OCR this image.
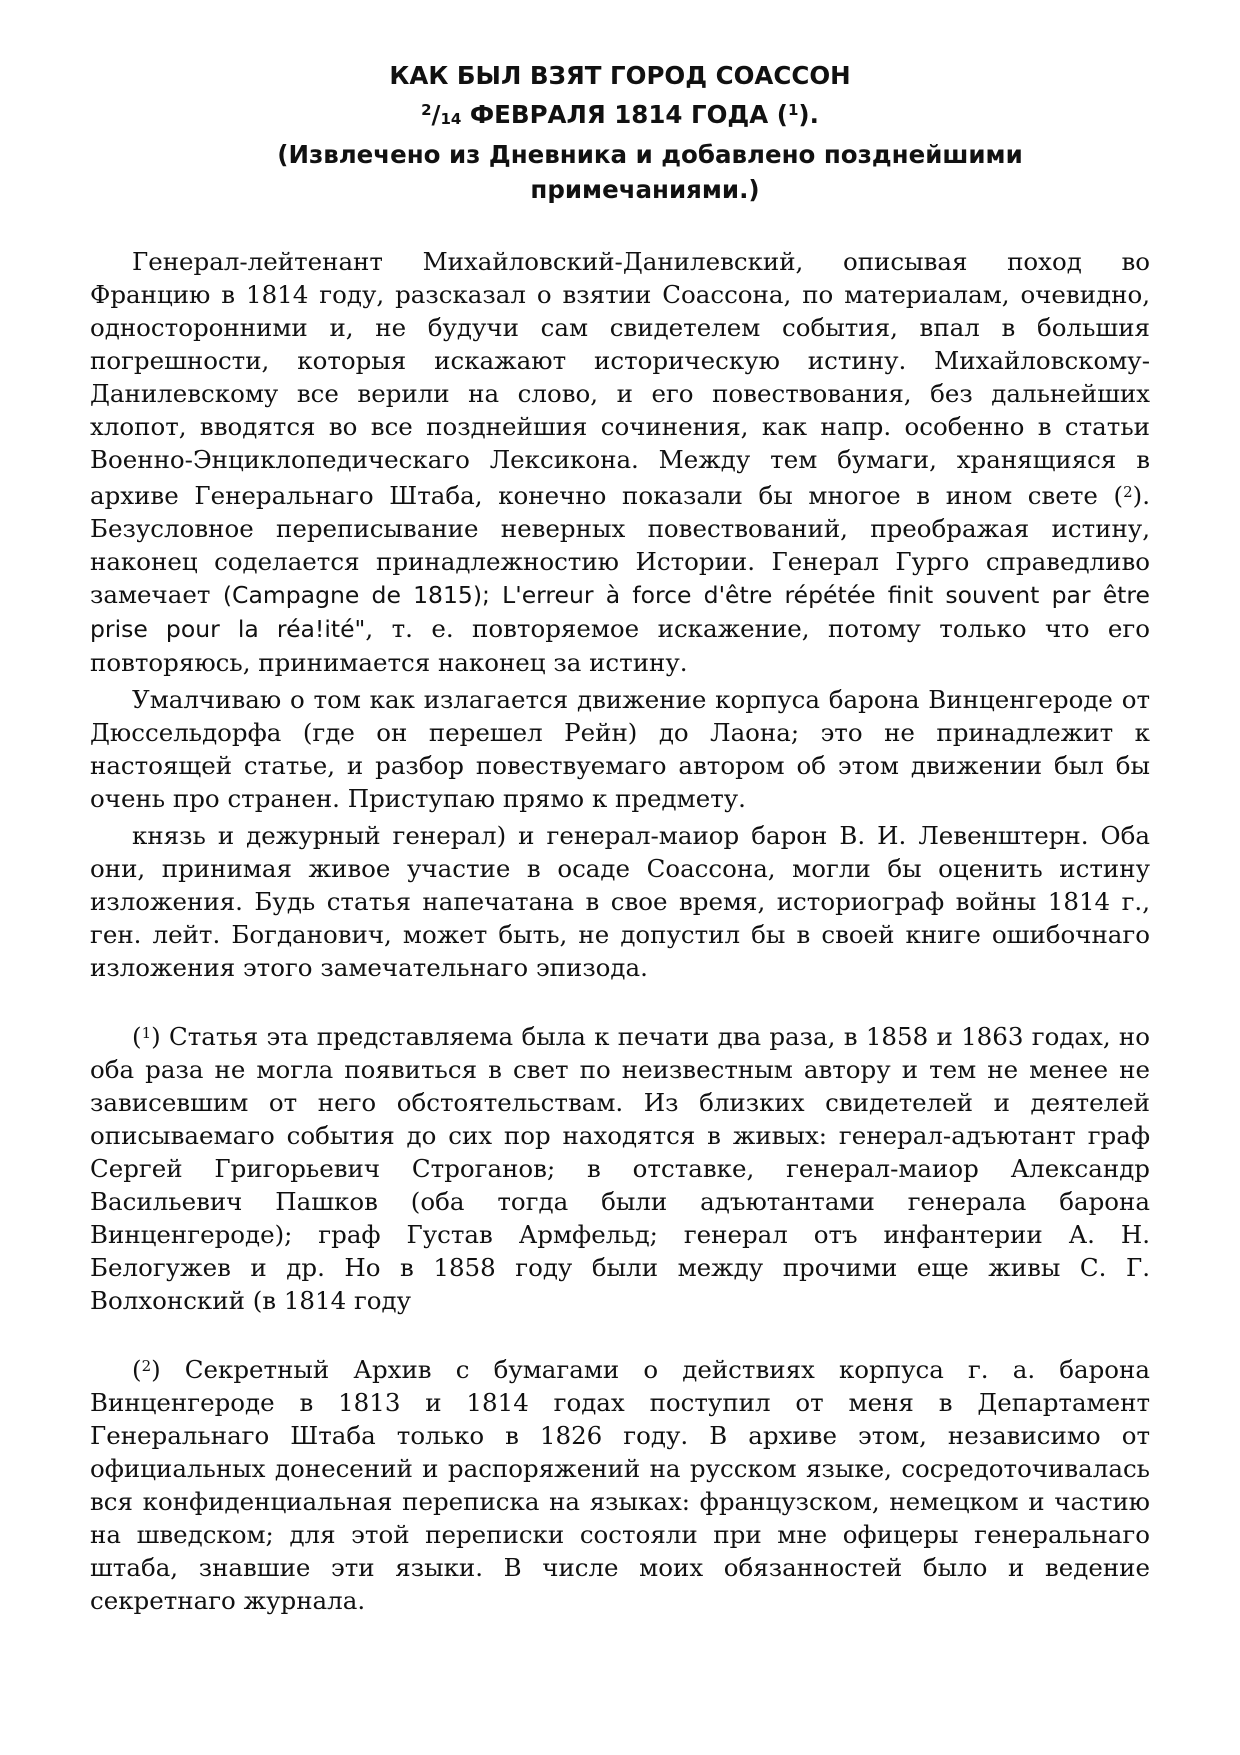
КАК БЫЛ ВЗЯТ ГОРОД СОАССОН
$^2$/14 ФЕВРАЛЯ 1814 ГОДА ($^1$).
(Извлечено из Дневника и добавлено позднейшими
примечаниями.)

Генерал-лейтенант Михайловский-Данилевский, описывая поход во Францию в 1814 году, разсказал о взятии Соассона, по материалам, очевидно, односторонними и, не будучи сам свидетелем события, впал в большия погрешности, которыя искажают историческую истину. Михайловскому-Данилевскому все верили на слово, и его повествования, без дальнейших хлопот, вводятся во все позднейшия сочинения, как напр. особенно в статьи Военно-Энциклопедическаго Лексикона. Между тем бумаги, хранящияся в архиве Генеральнаго Штаба, конечно показали бы многое в ином свете ($^2$). Безусловное переписывание неверных повествований, преображая истину, наконец соделается принадлежностию Истории. Генерал Гурго справедливо замечает (Campagne de 1815); L'erreur à force d'être répétée finit souvent par être prise pour la réa!ité", т. е. повторяемое искажение, потому только что его повторяюсь, принимается наконец за истину.

Умалчиваю о том как излагается движение корпуса барона Винценгероде от Дюссельдорфа (где он перешел Рейн) до Лаона; это не принадлежит к настоящей статье, и разбор повествуемаго автором об этом движении был бы очень про странен. Приступаю прямо к предмету.

князь и дежурный генерал) и генерал-маиор барон В. И. Левенштерн. Оба они, принимая живое участие в осаде Соассона, могли бы оценить истину изложения. Будь статья напечатана в свое время, историограф войны 1814 г., ген. лейт. Богданович, может быть, не допустил бы в своей книге ошибочнаго изложения этого замечательнаго эпизода.

($^1$) Статья эта представляема была к печати два раза, в 1858 и 1863 годах, но оба раза не могла появиться в свет по неизвестным автору и тем не менее не зависевшим от него обстоятельствам. Из близких свидетелей и деятелей описываемаго события до сих пор находятся в живых: генерал-адъютант граф Сергей Григорьевич Строганов; в отставке, генерал-маиор Александр Васильевич Пашков (оба тогда были адъютантами генерала барона Винценгероде); граф Густав Армфельд; генерал отъ инфантерии А. Н. Белогужев и др. Но в 1858 году были между прочими еще живы С. Г. Волхонский (в 1814 году

($^2$) Секретный Архив с бумагами о действиях корпуса г. а. барона Винценгероде в 1813 и 1814 годах поступил от меня в Департамент Генеральнаго Штаба только в 1826 году. В архиве этом, независимо от официальных донесений и распоряжений на русском языке, сосредоточивалась вся конфиденциальная переписка на языках: французском, немецком и частию на шведском; для этой переписки состояли при мне офицеры генеральнаго штаба, знавшие эти языки. В числе моих обязанностей было и ведение секретнаго журнала.
